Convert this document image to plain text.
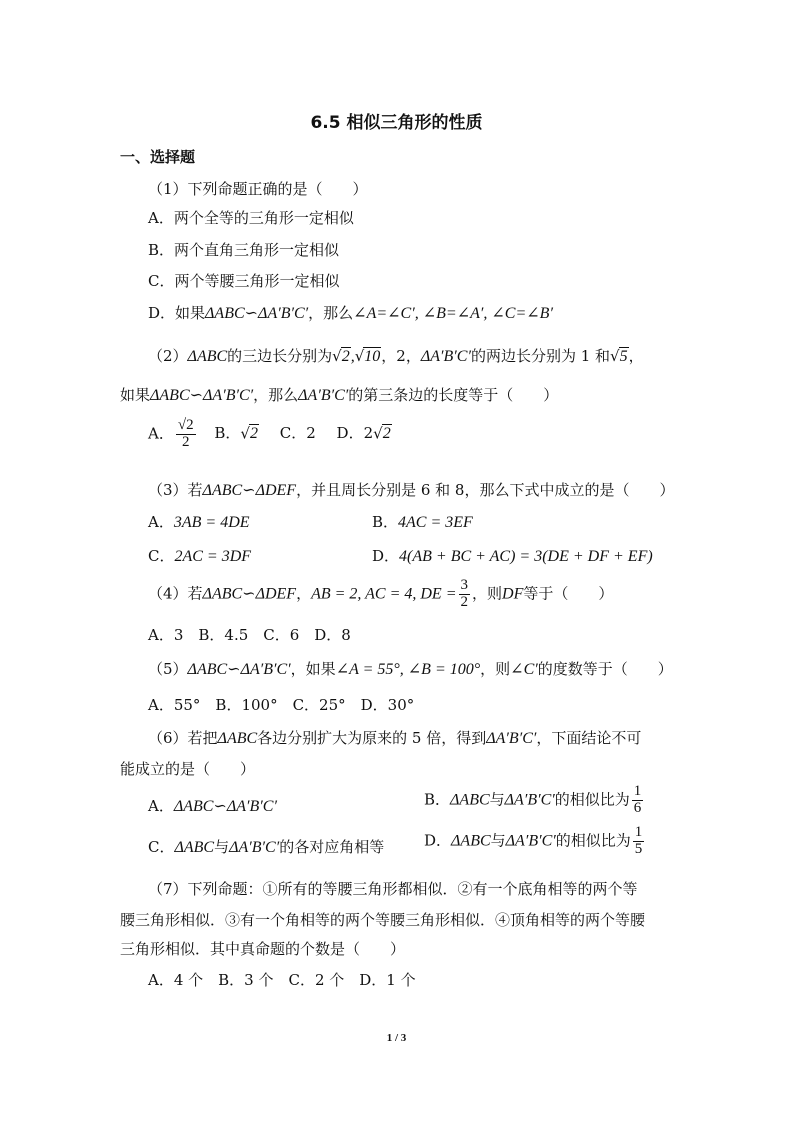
6.5 相似三角形的性质
一、选择题
（1）下列命题正确的是（　　）
A．两个全等的三角形一定相似
B．两个直角三角形一定相似
C．两个等腰三角形一定相似
D．如果ΔABC∽ΔA′B′C′，那么∠A=∠C′, ∠B=∠A′, ∠C=∠B′
（2）ΔABC的三边长分别为√2,√10，2，ΔA′B′C′的两边长分别为 1 和√5，
如果ΔABC∽ΔA′B′C′，那么ΔA′B′C′的第三条边的长度等于（　　）
A． $\frac{√2}{2}$ B．√2 C．2 D．2√2
（3）若ΔABC∽ΔDEF，并且周长分别是 6 和 8，那么下式中成立的是（　　）
A．3AB = 4DE	B．4AC = 3EF
C．2AC = 3DF	D．4(AB + BC + AC) = 3(DE + DF + EF)
（4）若ΔABC∽ΔDEF，AB = 2, AC = 4, DE = $\frac{3}{2}$ ，则DF等于（　　）
A．3　B．4.5　C．6　D．8
（5）ΔABC∽ΔA′B′C′，如果∠A = 55°, ∠B = 100°，则∠C′的度数等于（　　）
A．55°　B．100°　C．25°　D．30°
（6）若把ΔABC各边分别扩大为原来的 5 倍，得到ΔA′B′C′，下面结论不可
能成立的是（　　）
A．ΔABC∽ΔA′B′C′	B．ΔABC与ΔA′B′C′的相似比为 $\frac{1}{6}$
C．ΔABC与ΔA′B′C′的各对应角相等	D．ΔABC与ΔA′B′C′的相似比为 $\frac{1}{5}$
（7）下列命题：①所有的等腰三角形都相似．②有一个底角相等的两个等
腰三角形相似．③有一个角相等的两个等腰三角形相似．④顶角相等的两个等腰
三角形相似．其中真命题的个数是（　　）
A．4 个　B．3 个　C．2 个　D．1 个
1 / 3
